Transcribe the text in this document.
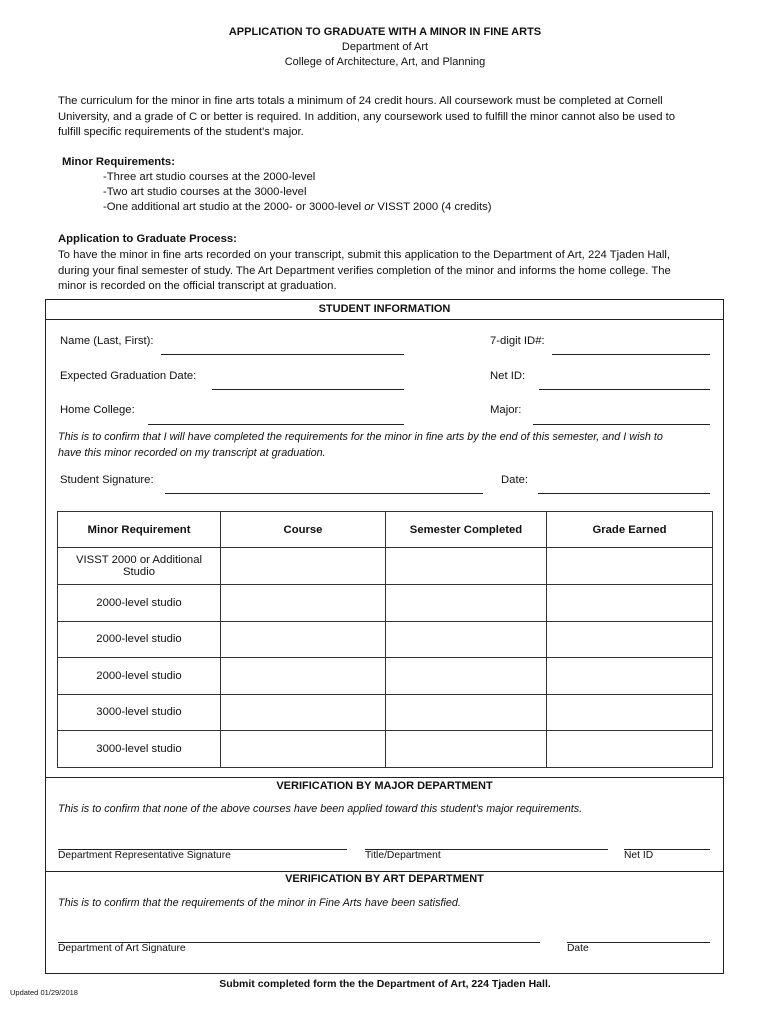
APPLICATION TO GRADUATE WITH A MINOR IN FINE ARTS
Department of Art
College of Architecture, Art, and Planning
The curriculum for the minor in fine arts totals a minimum of 24 credit hours. All coursework must be completed at Cornell
University, and a grade of C or better is required. In addition, any coursework used to fulfill the minor cannot also be used to
fulfill specific requirements of the student's major.
Minor Requirements:
-Three art studio courses at the 2000-level
-Two art studio courses at the 3000-level
-One additional art studio at the 2000- or 3000-level or VISST 2000 (4 credits)
Application to Graduate Process:
To have the minor in fine arts recorded on your transcript, submit this application to the Department of Art, 224 Tjaden Hall,
during your final semester of study. The Art Department verifies completion of the minor and informs the home college. The
minor is recorded on the official transcript at graduation.
STUDENT INFORMATION
Name (Last, First):	7-digit ID#:
Expected Graduation Date:	Net ID:
Home College:	Major:
This is to confirm that I will have completed the requirements for the minor in fine arts by the end of this semester, and I wish to
have this minor recorded on my transcript at graduation.
Student Signature:	Date:
Minor Requirement	Course	Semester Completed	Grade Earned
VISST 2000 or Additional Studio			
2000-level studio			
2000-level studio			
2000-level studio			
3000-level studio			
3000-level studio			
VERIFICATION BY MAJOR DEPARTMENT
This is to confirm that none of the above courses have been applied toward this student's major requirements.
Department Representative Signature	Title/Department	Net ID
VERIFICATION BY ART DEPARTMENT
This is to confirm that the requirements of the minor in Fine Arts have been satisfied.
Department of Art Signature	Date
Submit completed form the the Department of Art, 224 Tjaden Hall.
Updated 01/29/2018
